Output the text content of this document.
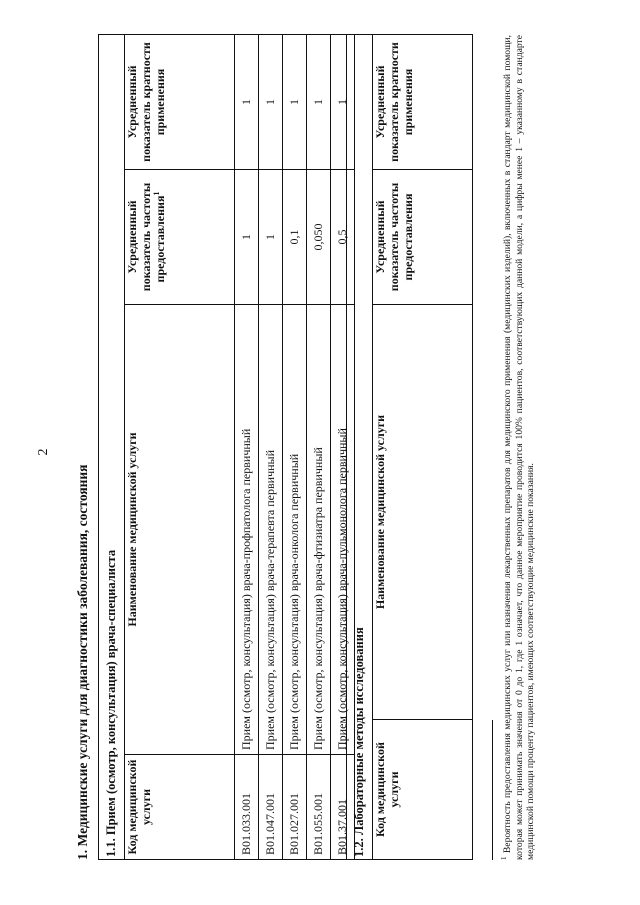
2
1. Медицинские услуги для диагностики заболевания, состояния	1.1. Прием (осмотр, консультация) врача-специалиста			
Код медицинской услуги	Наименование медицинской услуги	Усредненный показатель частоты предоставления$^1$	Усредненный показатель кратности применения
B01.033.001	Прием (осмотр, консультация) врача-профпатолога первичный	1	1
B01.047.001	Прием (осмотр, консультация) врача-терапевта первичный	1	1
B01.027.001	Прием (осмотр, консультация) врача-онколога первичный	0,1	1
B01.055.001	Прием (осмотр, консультация) врача-фтизиатра первичный	0,050	1
B01.37.001	Прием (осмотр, консультация) врача-пульмонолога первичный	0,5	1
1.2. Лабораторные методы исследования
Код медицинской услуги	Наименование медицинской услуги	Усредненный показатель частоты предоставления	Усредненный показатель кратности применения
$^1$ Вероятность предоставления медицинских услуг или назначения лекарственных препаратов для медицинского применения (медицинских изделий), включенных в стандарт медицинской помощи, которая может принимать значения от 0 до 1, где 1 означает, что данное мероприятие проводится 100% пациентов, соответствующих данной модели, а цифры менее 1 – указанному в стандарте медицинской помощи проценту пациентов, имеющих соответствующие медицинские показания.
